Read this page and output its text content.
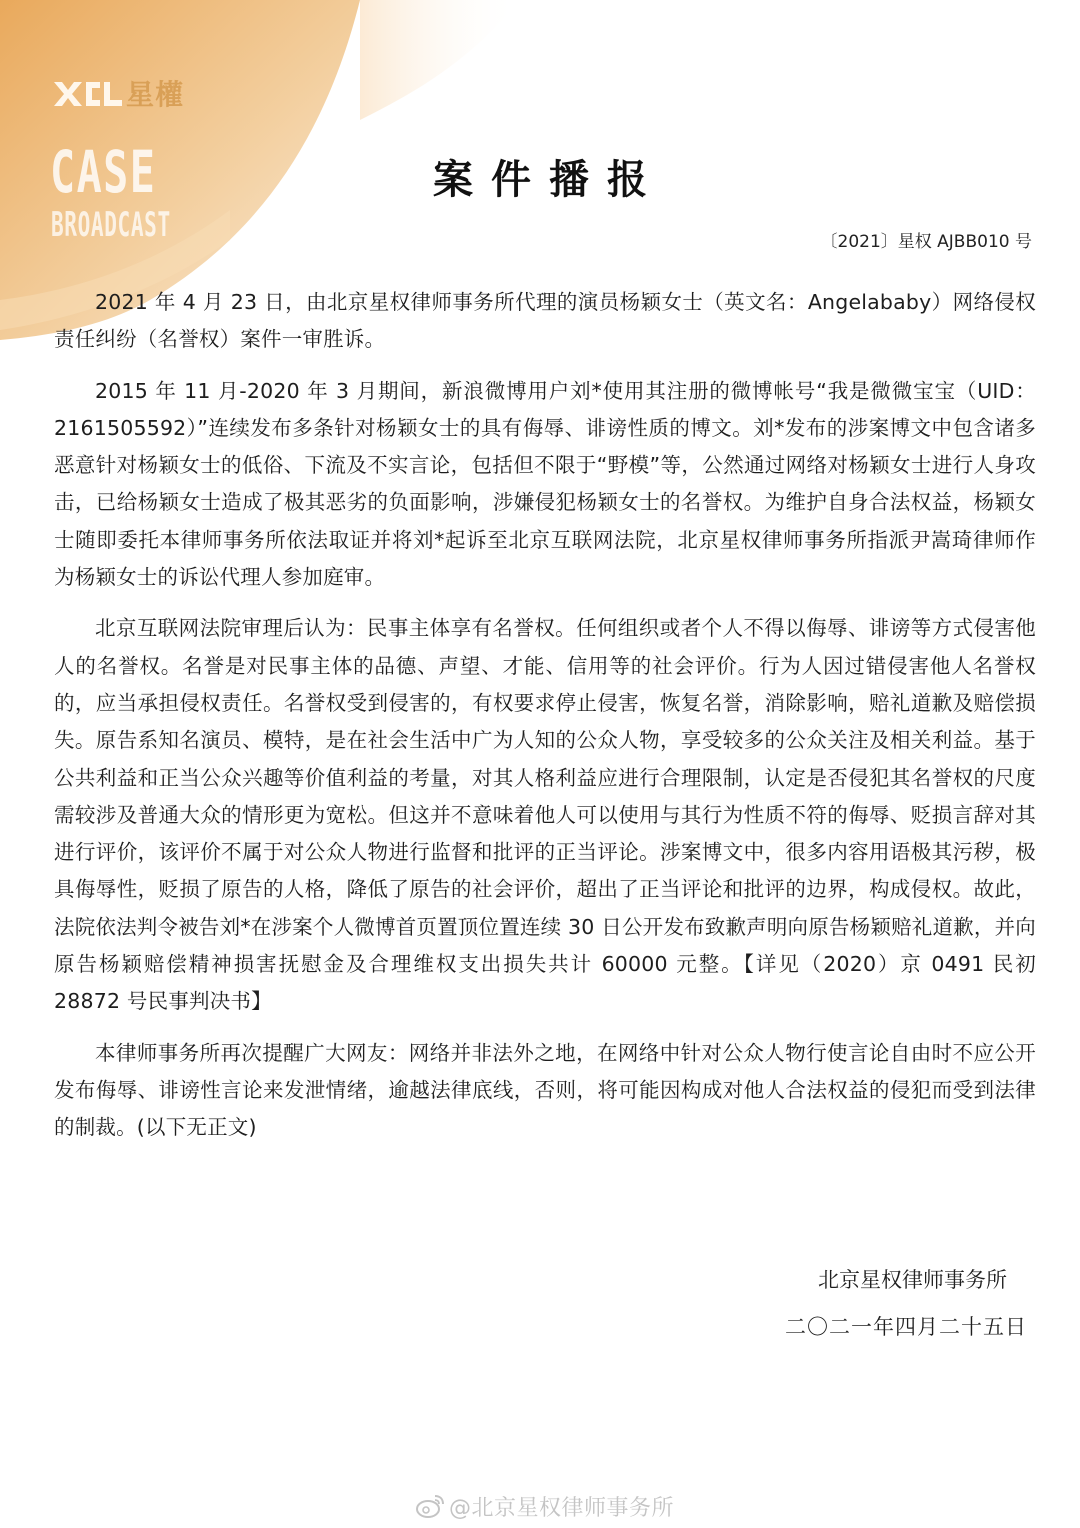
星權
CASE
BROADCAST
案件播报
〔2021〕星权 AJBB010 号

2021 年 4 月 23 日，由北京星权律师事务所代理的演员杨颖女士（英文名：Angelababy）网络侵权责任纠纷（名誉权）案件一审胜诉。

2015 年 11 月-2020 年 3 月期间，新浪微博用户刘*使用其注册的微博帐号“我是微微宝宝（UID：2161505592）”连续发布多条针对杨颖女士的具有侮辱、诽谤性质的博文。刘*发布的涉案博文中包含诸多恶意针对杨颖女士的低俗、下流及不实言论，包括但不限于“野模”等，公然通过网络对杨颖女士进行人身攻击，已给杨颖女士造成了极其恶劣的负面影响，涉嫌侵犯杨颖女士的名誉权。为维护自身合法权益，杨颖女士随即委托本律师事务所依法取证并将刘*起诉至北京互联网法院，北京星权律师事务所指派尹嵩琦律师作为杨颖女士的诉讼代理人参加庭审。

北京互联网法院审理后认为：民事主体享有名誉权。任何组织或者个人不得以侮辱、诽谤等方式侵害他人的名誉权。名誉是对民事主体的品德、声望、才能、信用等的社会评价。行为人因过错侵害他人名誉权的，应当承担侵权责任。名誉权受到侵害的，有权要求停止侵害，恢复名誉，消除影响，赔礼道歉及赔偿损失。原告系知名演员、模特，是在社会生活中广为人知的公众人物，享受较多的公众关注及相关利益。基于公共利益和正当公众兴趣等价值利益的考量，对其人格利益应进行合理限制，认定是否侵犯其名誉权的尺度需较涉及普通大众的情形更为宽松。但这并不意味着他人可以使用与其行为性质不符的侮辱、贬损言辞对其进行评价，该评价不属于对公众人物进行监督和批评的正当评论。涉案博文中，很多内容用语极其污秽，极具侮辱性，贬损了原告的人格，降低了原告的社会评价，超出了正当评论和批评的边界，构成侵权。故此，法院依法判令被告刘*在涉案个人微博首页置顶位置连续 30 日公开发布致歉声明向原告杨颖赔礼道歉，并向原告杨颖赔偿精神损害抚慰金及合理维权支出损失共计 60000 元整。【详见（2020）京 0491 民初 28872 号民事判决书】

本律师事务所再次提醒广大网友：网络并非法外之地，在网络中针对公众人物行使言论自由时不应公开发布侮辱、诽谤性言论来发泄情绪，逾越法律底线，否则，将可能因构成对他人合法权益的侵犯而受到法律的制裁。(以下无正文)

北京星权律师事务所
二〇二一年四月二十五日
@北京星权律师事务所
